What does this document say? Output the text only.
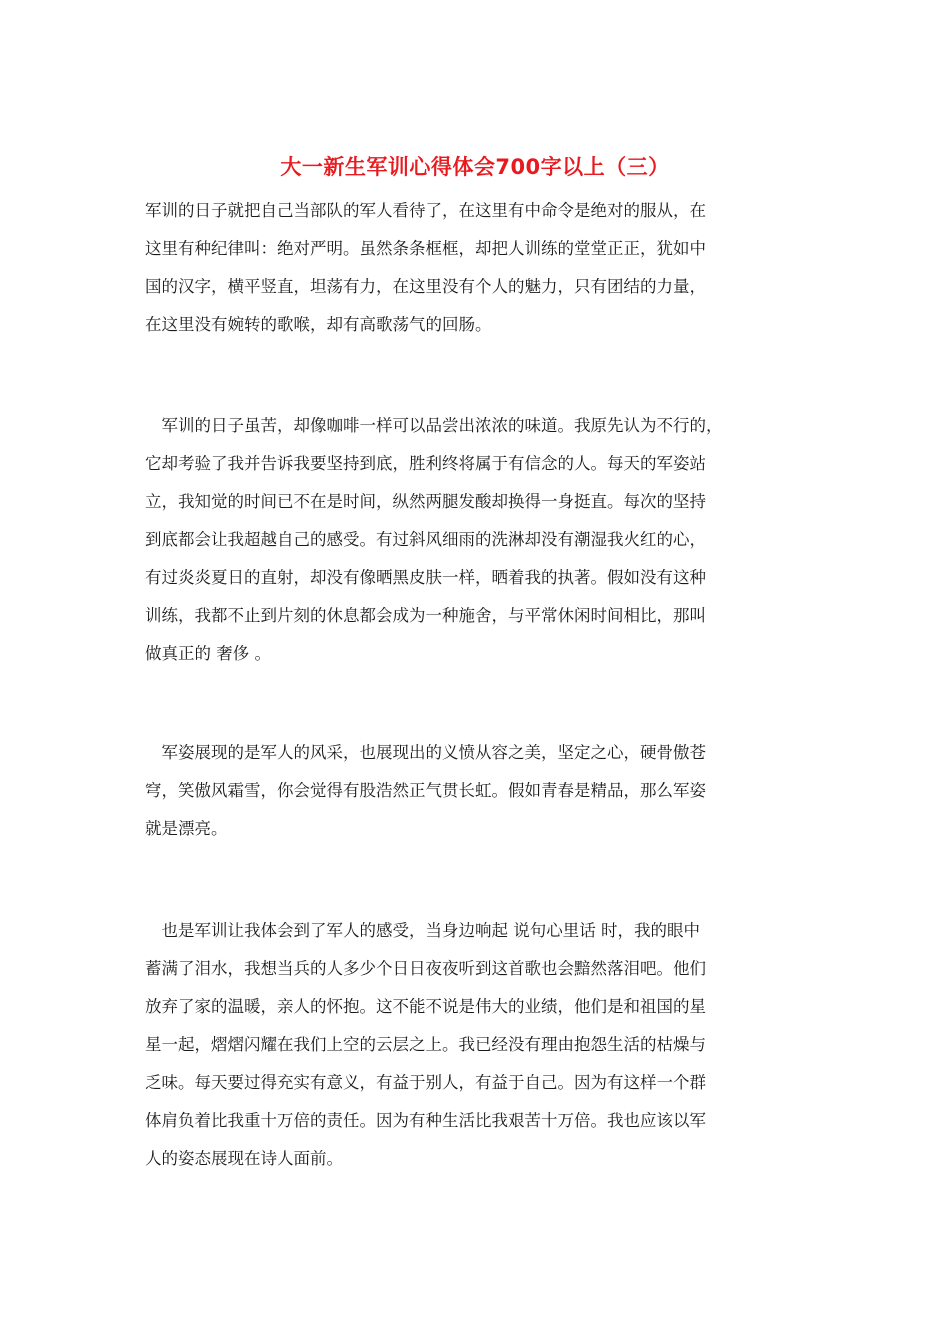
大一新生军训心得体会700字以上（三）
军训的日子就把自己当部队的军人看待了，在这里有中命令是绝对的服从，在
这里有种纪律叫：绝对严明。虽然条条框框，却把人训练的堂堂正正，犹如中
国的汉字，横平竖直，坦荡有力，在这里没有个人的魅力，只有团结的力量，
在这里没有婉转的歌喉，却有高歌荡气的回肠。
　军训的日子虽苦，却像咖啡一样可以品尝出浓浓的味道。我原先认为不行的，
它却考验了我并告诉我要坚持到底，胜利终将属于有信念的人。每天的军姿站
立，我知觉的时间已不在是时间，纵然两腿发酸却换得一身挺直。每次的坚持
到底都会让我超越自己的感受。有过斜风细雨的洗淋却没有潮湿我火红的心，
有过炎炎夏日的直射，却没有像晒黑皮肤一样，晒着我的执著。假如没有这种
训练，我都不止到片刻的休息都会成为一种施舍，与平常休闲时间相比，那叫
做真正的 奢侈 。
　军姿展现的是军人的风采，也展现出的义愤从容之美，坚定之心，硬骨傲苍
穹，笑傲风霜雪，你会觉得有股浩然正气贯长虹。假如青春是精品，那么军姿
就是漂亮。
　也是军训让我体会到了军人的感受，当身边响起 说句心里话 时，我的眼中
蓄满了泪水，我想当兵的人多少个日日夜夜听到这首歌也会黯然落泪吧。他们
放弃了家的温暖，亲人的怀抱。这不能不说是伟大的业绩，他们是和祖国的星
星一起，熠熠闪耀在我们上空的云层之上。我已经没有理由抱怨生活的枯燥与
乏味。每天要过得充实有意义，有益于别人，有益于自己。因为有这样一个群
体肩负着比我重十万倍的责任。因为有种生活比我艰苦十万倍。我也应该以军
人的姿态展现在诗人面前。
